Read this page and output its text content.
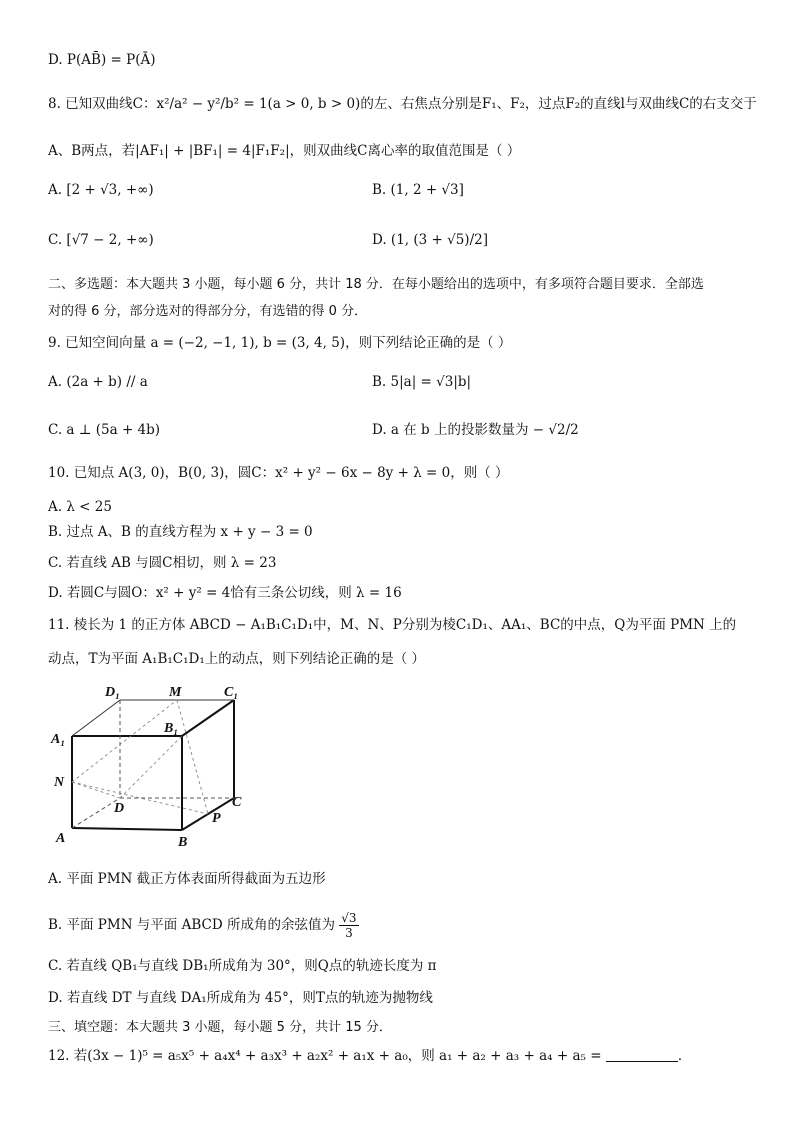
D. P(AB̄) = P(Ā)
8. 已知双曲线C：x²/a² − y²/b² = 1(a > 0, b > 0)的左、右焦点分别是F₁、F₂，过点F₂的直线l与双曲线C的右支交于
A、B两点，若|AF₁| + |BF₁| = 4|F₁F₂|，则双曲线C离心率的取值范围是（ ）
A. [2 + √3, +∞)	B. (1, 2 + √3]
C. [√7 − 2, +∞)	D. (1, (3 + √5)/2]
二、多选题：本大题共 3 小题，每小题 6 分，共计 18 分．在每小题给出的选项中，有多项符合题目要求．全部选
对的得 6 分，部分选对的得部分分，有选错的得 0 分．
9. 已知空间向量 a = (−2, −1, 1), b = (3, 4, 5)，则下列结论正确的是（ ）
A. (2a + b) // a	B. 5|a| = √3|b|
C. a ⊥ (5a + 4b)	D. a 在 b 上的投影数量为 − √2/2
10. 已知点 A(3, 0)，B(0, 3)，圆C：x² + y² − 6x − 8y + λ = 0，则（ ）
A. λ < 25
B. 过点 A、B 的直线方程为 x + y − 3 = 0
C. 若直线 AB 与圆C相切，则 λ = 23
D. 若圆C与圆O：x² + y² = 4恰有三条公切线，则 λ = 16
11. 棱长为 1 的正方体 ABCD − A₁B₁C₁D₁中，M、N、P分别为棱C₁D₁、AA₁、BC的中点，Q为平面 PMN 上的
动点，T为平面 A₁B₁C₁D₁上的动点，则下列结论正确的是（ ）
D₁	M	C₁
B₁
A₁
N
D	C
P
A	B
A. 平面 PMN 截正方体表面所得截面为五边形
B. 平面 PMN 与平面 ABCD 所成角的余弦值为 $\frac{√3}{3}$
C. 若直线 QB₁与直线 DB₁所成角为 30°，则Q点的轨迹长度为 π
D. 若直线 DT 与直线 DA₁所成角为 45°，则T点的轨迹为抛物线
三、填空题：本大题共 3 小题，每小题 5 分，共计 15 分．
12. 若(3x − 1)⁵ = a₅x⁵ + a₄x⁴ + a₃x³ + a₂x² + a₁x + a₀，则 a₁ + a₂ + a₃ + a₄ + a₅ =	．
